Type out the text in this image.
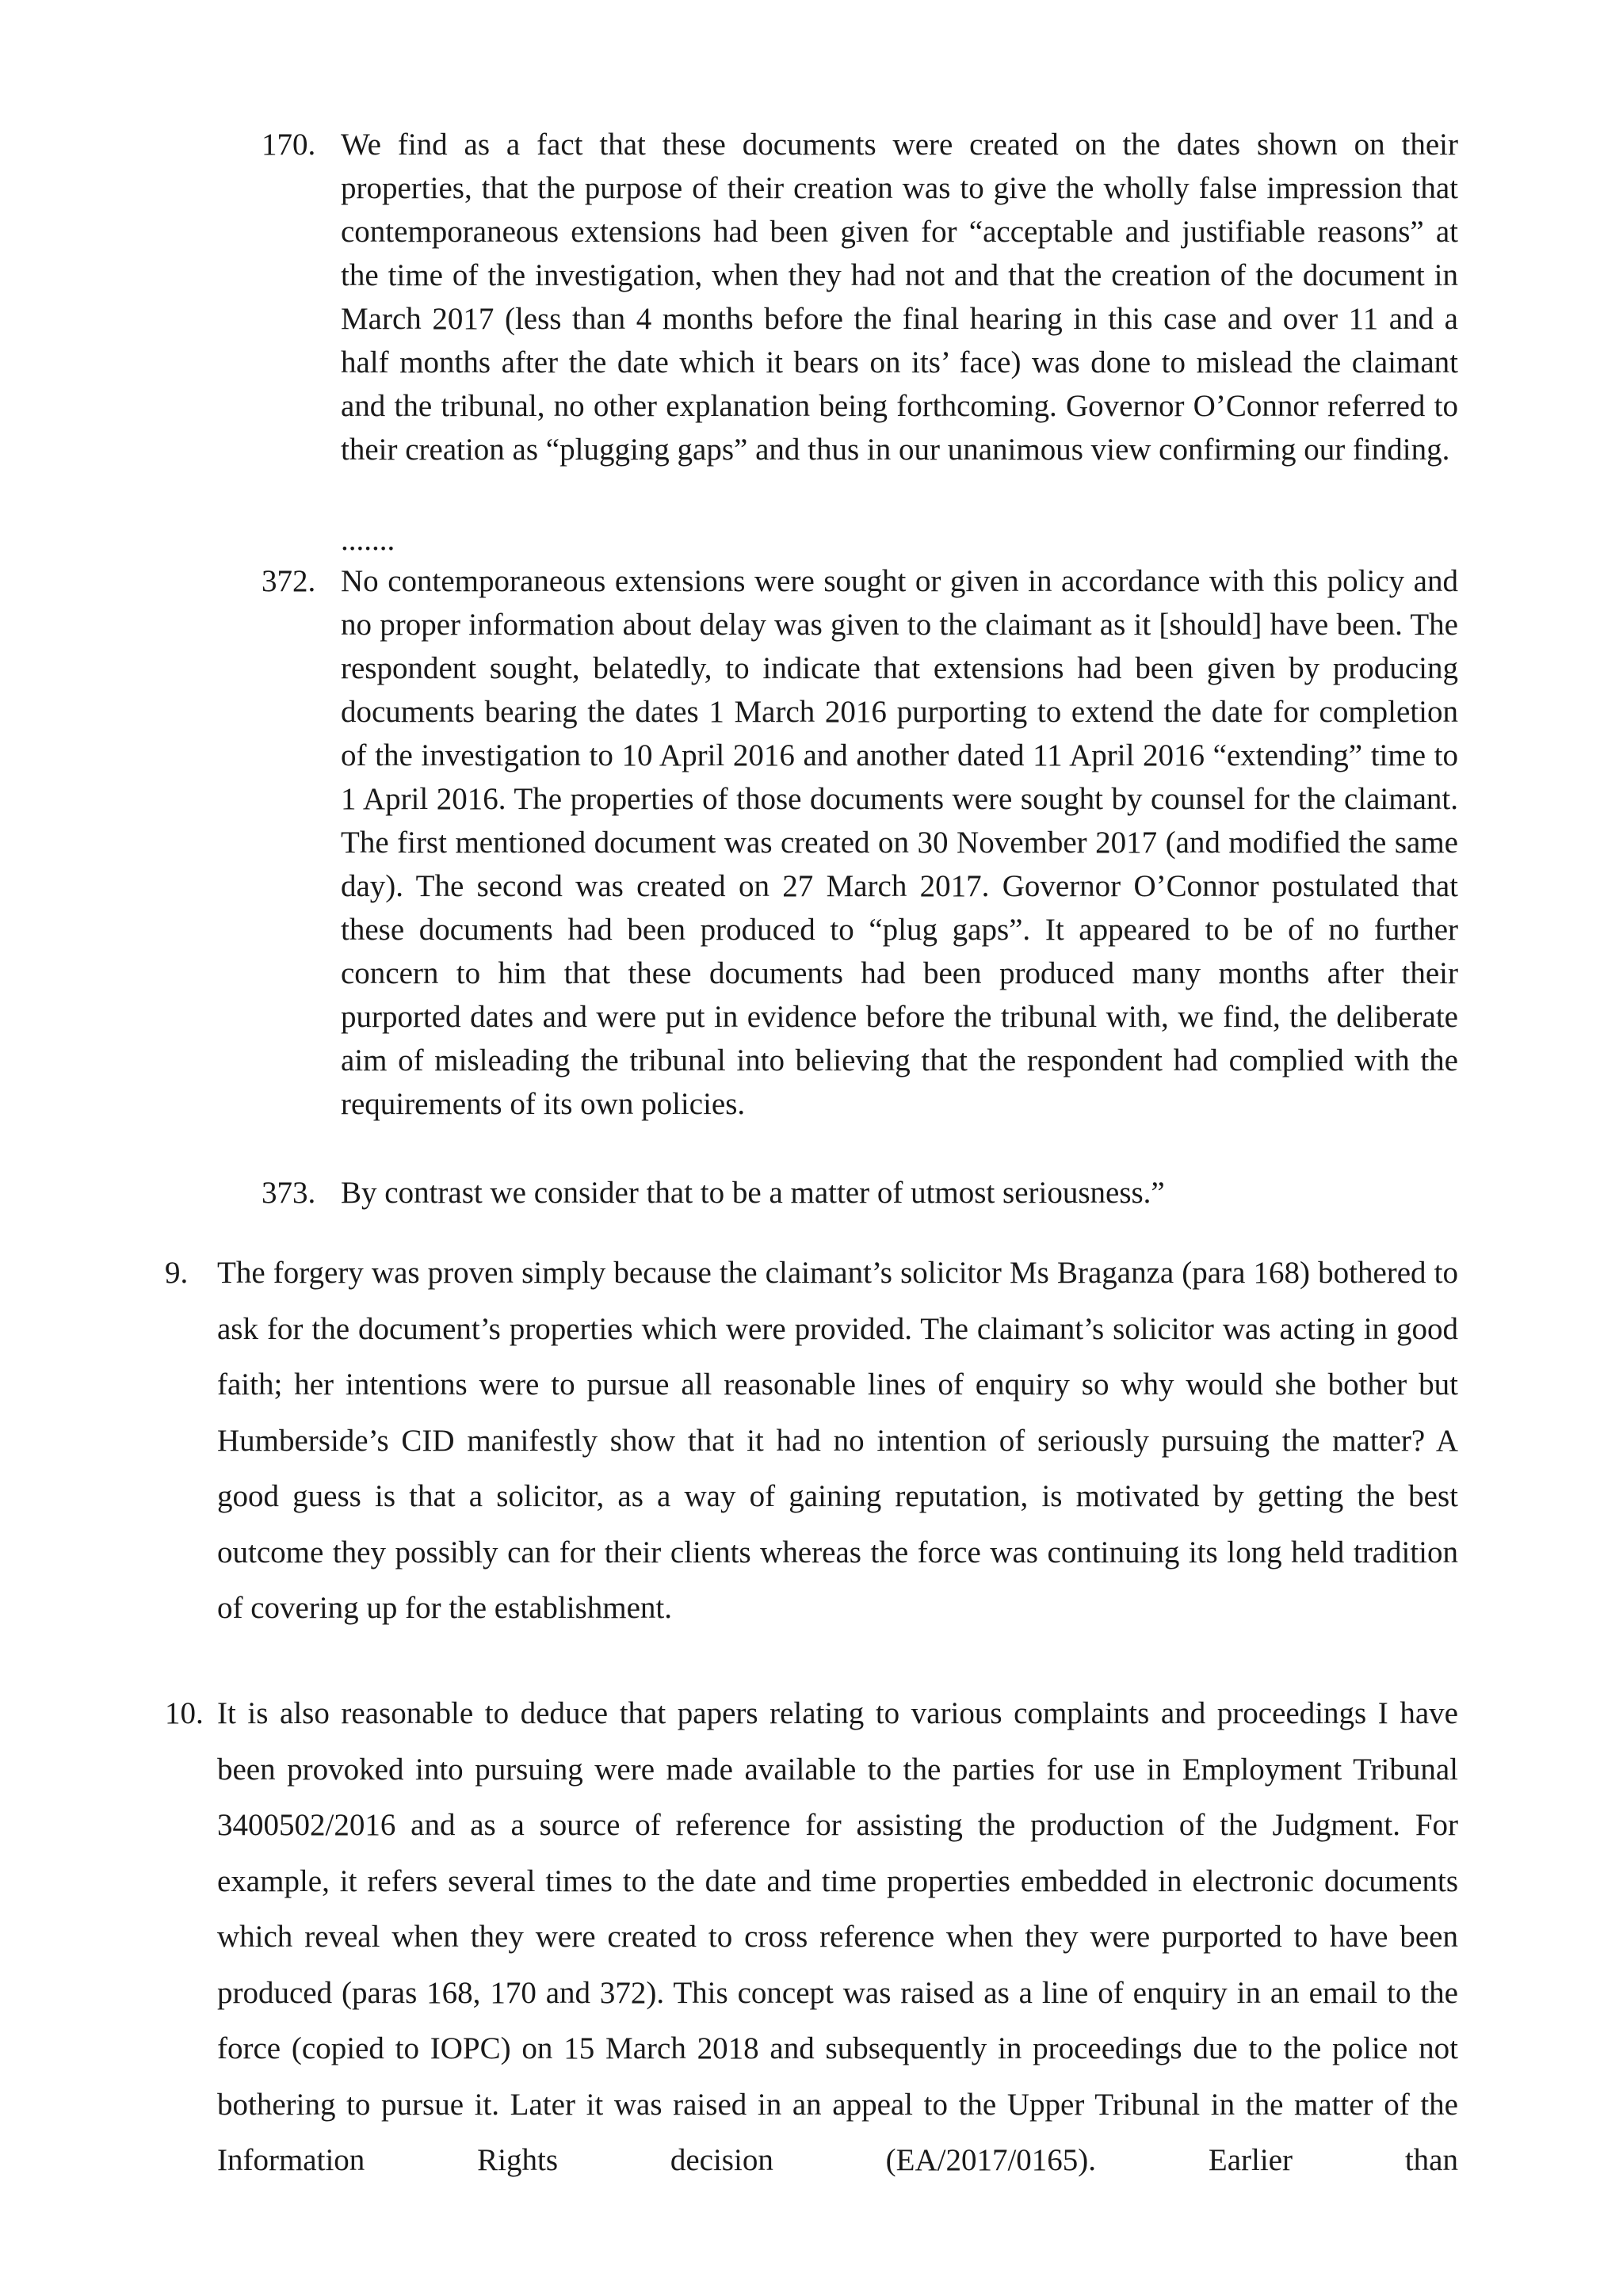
170. We find as a fact that these documents were created on the dates shown on their properties, that the purpose of their creation was to give the wholly false impression that contemporaneous extensions had been given for “acceptable and justifiable reasons” at the time of the investigation, when they had not and that the creation of the document in March 2017 (less than 4 months before the final hearing in this case and over 11 and a half months after the date which it bears on its’ face) was done to mislead the claimant and the tribunal, no other explanation being forthcoming. Governor O’Connor referred to their creation as “plugging gaps” and thus in our unanimous view confirming our finding.
.......
372. No contemporaneous extensions were sought or given in accordance with this policy and no proper information about delay was given to the claimant as it [should] have been. The respondent sought, belatedly, to indicate that extensions had been given by producing documents bearing the dates 1 March 2016 purporting to extend the date for completion of the investigation to 10 April 2016 and another dated 11 April 2016 “extending” time to 1 April 2016. The properties of those documents were sought by counsel for the claimant. The first mentioned document was created on 30 November 2017 (and modified the same day). The second was created on 27 March 2017. Governor O’Connor postulated that these documents had been produced to “plug gaps”. It appeared to be of no further concern to him that these documents had been produced many months after their purported dates and were put in evidence before the tribunal with, we find, the deliberate aim of misleading the tribunal into believing that the respondent had complied with the requirements of its own policies.
373. By contrast we consider that to be a matter of utmost seriousness.”
9. The forgery was proven simply because the claimant’s solicitor Ms Braganza (para 168) bothered to ask for the document’s properties which were provided. The claimant’s solicitor was acting in good faith; her intentions were to pursue all reasonable lines of enquiry so why would she bother but Humberside’s CID manifestly show that it had no intention of seriously pursuing the matter? A good guess is that a solicitor, as a way of gaining reputation, is motivated by getting the best outcome they possibly can for their clients whereas the force was continuing its long held tradition of covering up for the establishment.
10. It is also reasonable to deduce that papers relating to various complaints and proceedings I have been provoked into pursuing were made available to the parties for use in Employment Tribunal 3400502/2016 and as a source of reference for assisting the production of the Judgment. For example, it refers several times to the date and time properties embedded in electronic documents which reveal when they were created to cross reference when they were purported to have been produced (paras 168, 170 and 372). This concept was raised as a line of enquiry in an email to the force (copied to IOPC) on 15 March 2018 and subsequently in proceedings due to the police not bothering to pursue it. Later it was raised in an appeal to the Upper Tribunal in the matter of the Information Rights decision (EA/2017/0165). Earlier than
